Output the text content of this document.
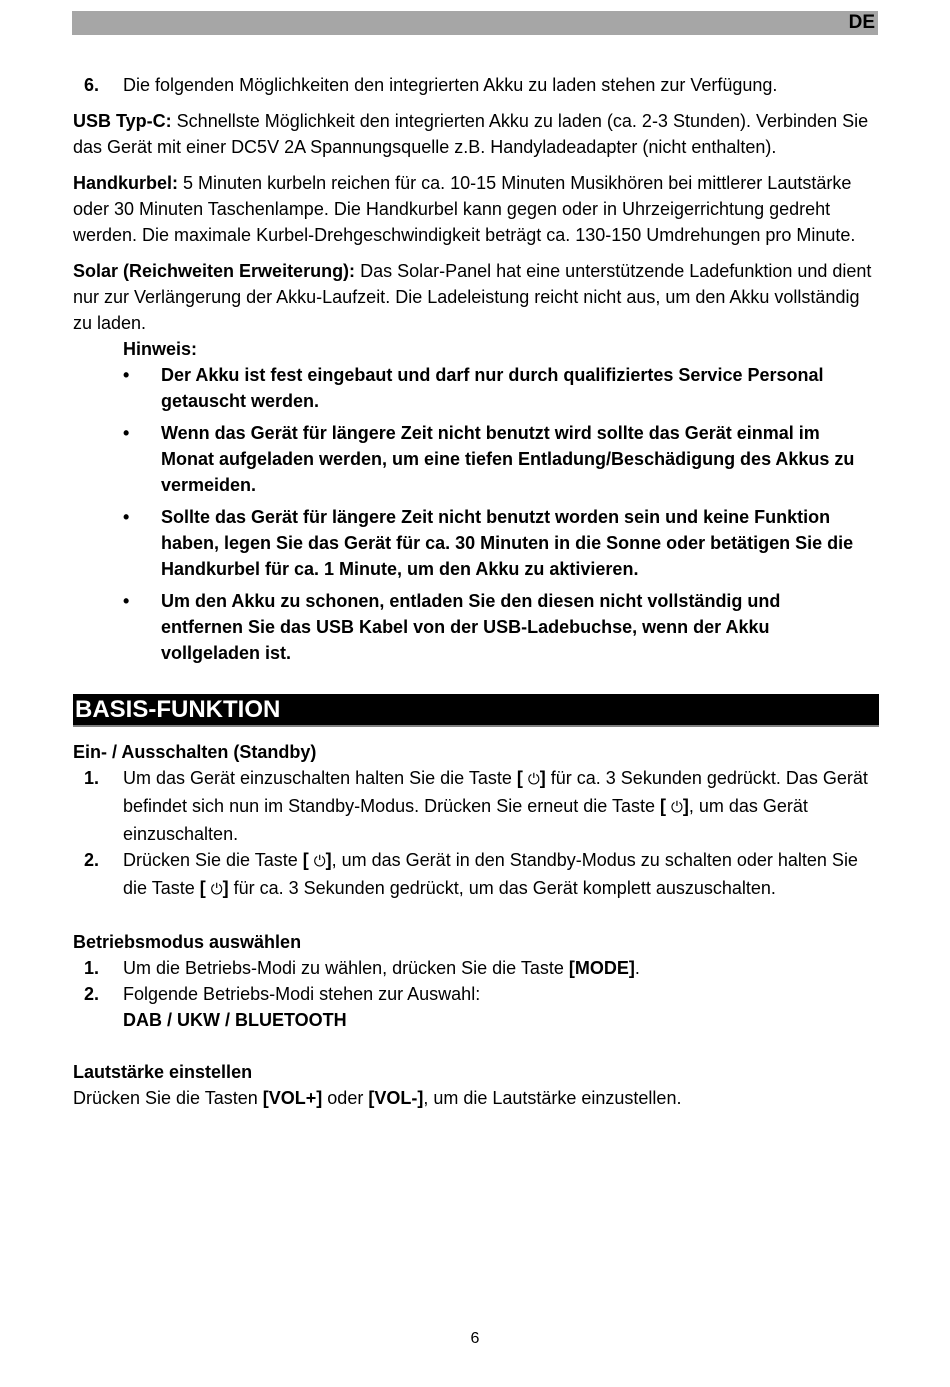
DE

6. Die folgenden Möglichkeiten den integrierten Akku zu laden stehen zur Verfügung.

USB Typ-C: Schnellste Möglichkeit den integrierten Akku zu laden (ca. 2-3 Stunden). Verbinden Sie das Gerät mit einer DC5V 2A Spannungsquelle z.B. Handyladeadapter (nicht enthalten).

Handkurbel: 5 Minuten kurbeln reichen für ca. 10-15 Minuten Musikhören bei mittlerer Lautstärke oder 30 Minuten Taschenlampe. Die Handkurbel kann gegen oder in Uhrzeigerrichtung gedreht werden. Die maximale Kurbel-Drehgeschwindigkeit beträgt ca. 130-150 Umdrehungen pro Minute.

Solar (Reichweiten Erweiterung): Das Solar-Panel hat eine unterstützende Ladefunktion und dient nur zur Verlängerung der Akku-Laufzeit. Die Ladeleistung reicht nicht aus, um den Akku vollständig zu laden.

Hinweis:

• Der Akku ist fest eingebaut und darf nur durch qualifiziertes Service Personal getauscht werden.
• Wenn das Gerät für längere Zeit nicht benutzt wird sollte das Gerät einmal im Monat aufgeladen werden, um eine tiefen Entladung/Beschädigung des Akkus zu vermeiden.
• Sollte das Gerät für längere Zeit nicht benutzt worden sein und keine Funktion haben, legen Sie das Gerät für ca. 30 Minuten in die Sonne oder betätigen Sie die Handkurbel für ca. 1 Minute, um den Akku zu aktivieren.
• Um den Akku zu schonen, entladen Sie den diesen nicht vollständig und entfernen Sie das USB Kabel von der USB-Ladebuchse, wenn der Akku vollgeladen ist.
BASIS-FUNKTION

Ein- / Ausschalten (Standby)

1. Um das Gerät einzuschalten halten Sie die Taste [ ⏻] für ca. 3 Sekunden gedrückt. Das Gerät befindet sich nun im Standby-Modus. Drücken Sie erneut die Taste [ ⏻], um das Gerät einzuschalten.

2. Drücken Sie die Taste [ ⏻], um das Gerät in den Standby-Modus zu schalten oder halten Sie die Taste [ ⏻] für ca. 3 Sekunden gedrückt, um das Gerät komplett auszuschalten.

Betriebsmodus auswählen

1. Um die Betriebs-Modi zu wählen, drücken Sie die Taste [MODE].

2. Folgende Betriebs-Modi stehen zur Auswahl:
DAB / UKW / BLUETOOTH

Lautstärke einstellen

Drücken Sie die Tasten [VOL+] oder [VOL-], um die Lautstärke einzustellen.

6
